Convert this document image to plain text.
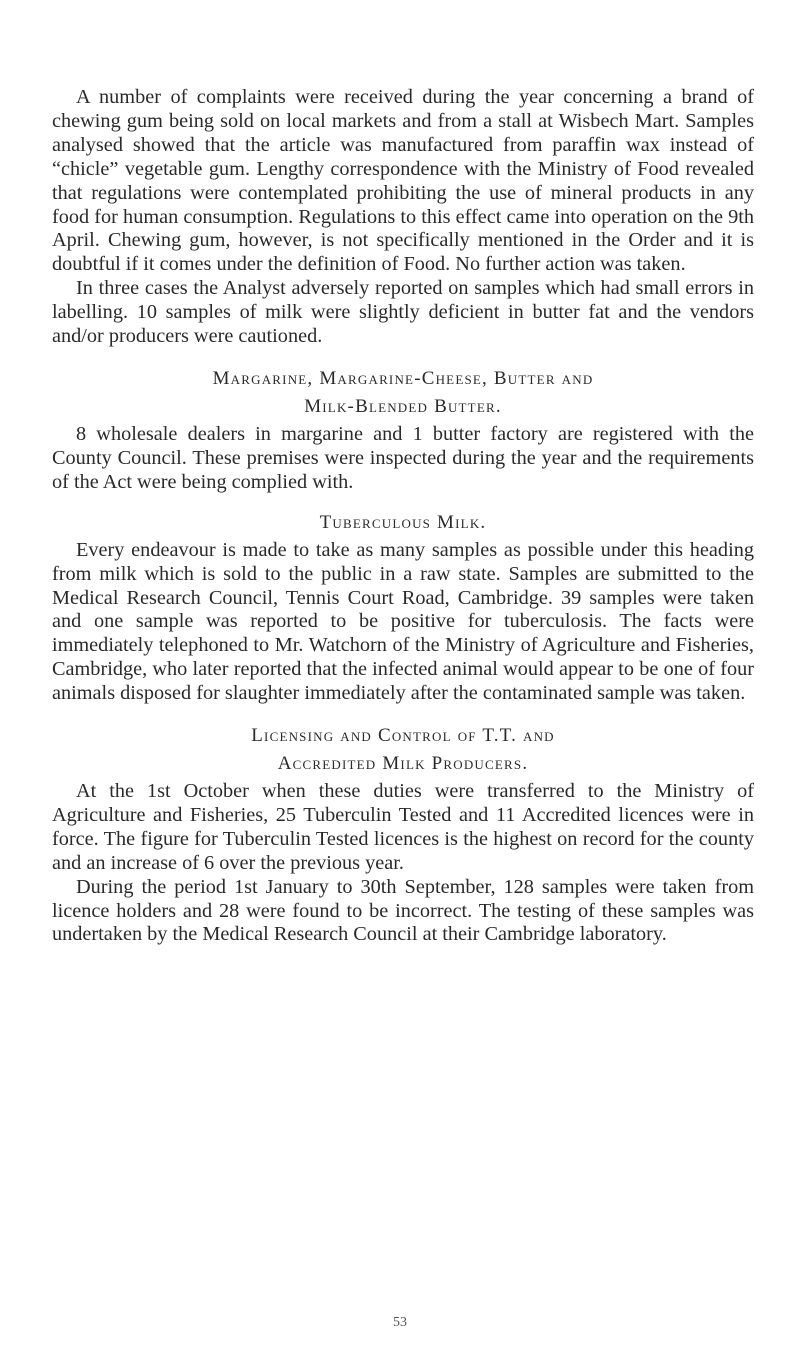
A number of complaints were received during the year concerning a brand of chewing gum being sold on local markets and from a stall at Wisbech Mart. Samples analysed showed that the article was manufactured from paraffin wax instead of “chicle” vegetable gum. Lengthy correspondence with the Ministry of Food revealed that regulations were contemplated prohibiting the use of mineral products in any food for human consumption. Regulations to this effect came into operation on the 9th April. Chewing gum, however, is not specifically mentioned in the Order and it is doubtful if it comes under the definition of Food. No further action was taken.

In three cases the Analyst adversely reported on samples which had small errors in labelling. 10 samples of milk were slightly deficient in butter fat and the vendors and/or producers were cautioned.

Margarine, Margarine-Cheese, Butter and
Milk-Blended Butter.

8 wholesale dealers in margarine and 1 butter factory are registered with the County Council. These premises were inspected during the year and the requirements of the Act were being complied with.

Tuberculous Milk.

Every endeavour is made to take as many samples as possible under this heading from milk which is sold to the public in a raw state. Samples are submitted to the Medical Research Council, Tennis Court Road, Cambridge. 39 samples were taken and one sample was reported to be positive for tuberculosis. The facts were immediately telephoned to Mr. Watchorn of the Ministry of Agriculture and Fisheries, Cambridge, who later reported that the infected animal would appear to be one of four animals disposed for slaughter immediately after the contaminated sample was taken.

Licensing and Control of T.T. and
Accredited Milk Producers.

At the 1st October when these duties were transferred to the Ministry of Agriculture and Fisheries, 25 Tuberculin Tested and 11 Accredited licences were in force. The figure for Tuberculin Tested licences is the highest on record for the county and an increase of 6 over the previous year.

During the period 1st January to 30th September, 128 samples were taken from licence holders and 28 were found to be incorrect. The testing of these samples was undertaken by the Medical Research Council at their Cambridge laboratory.

53
